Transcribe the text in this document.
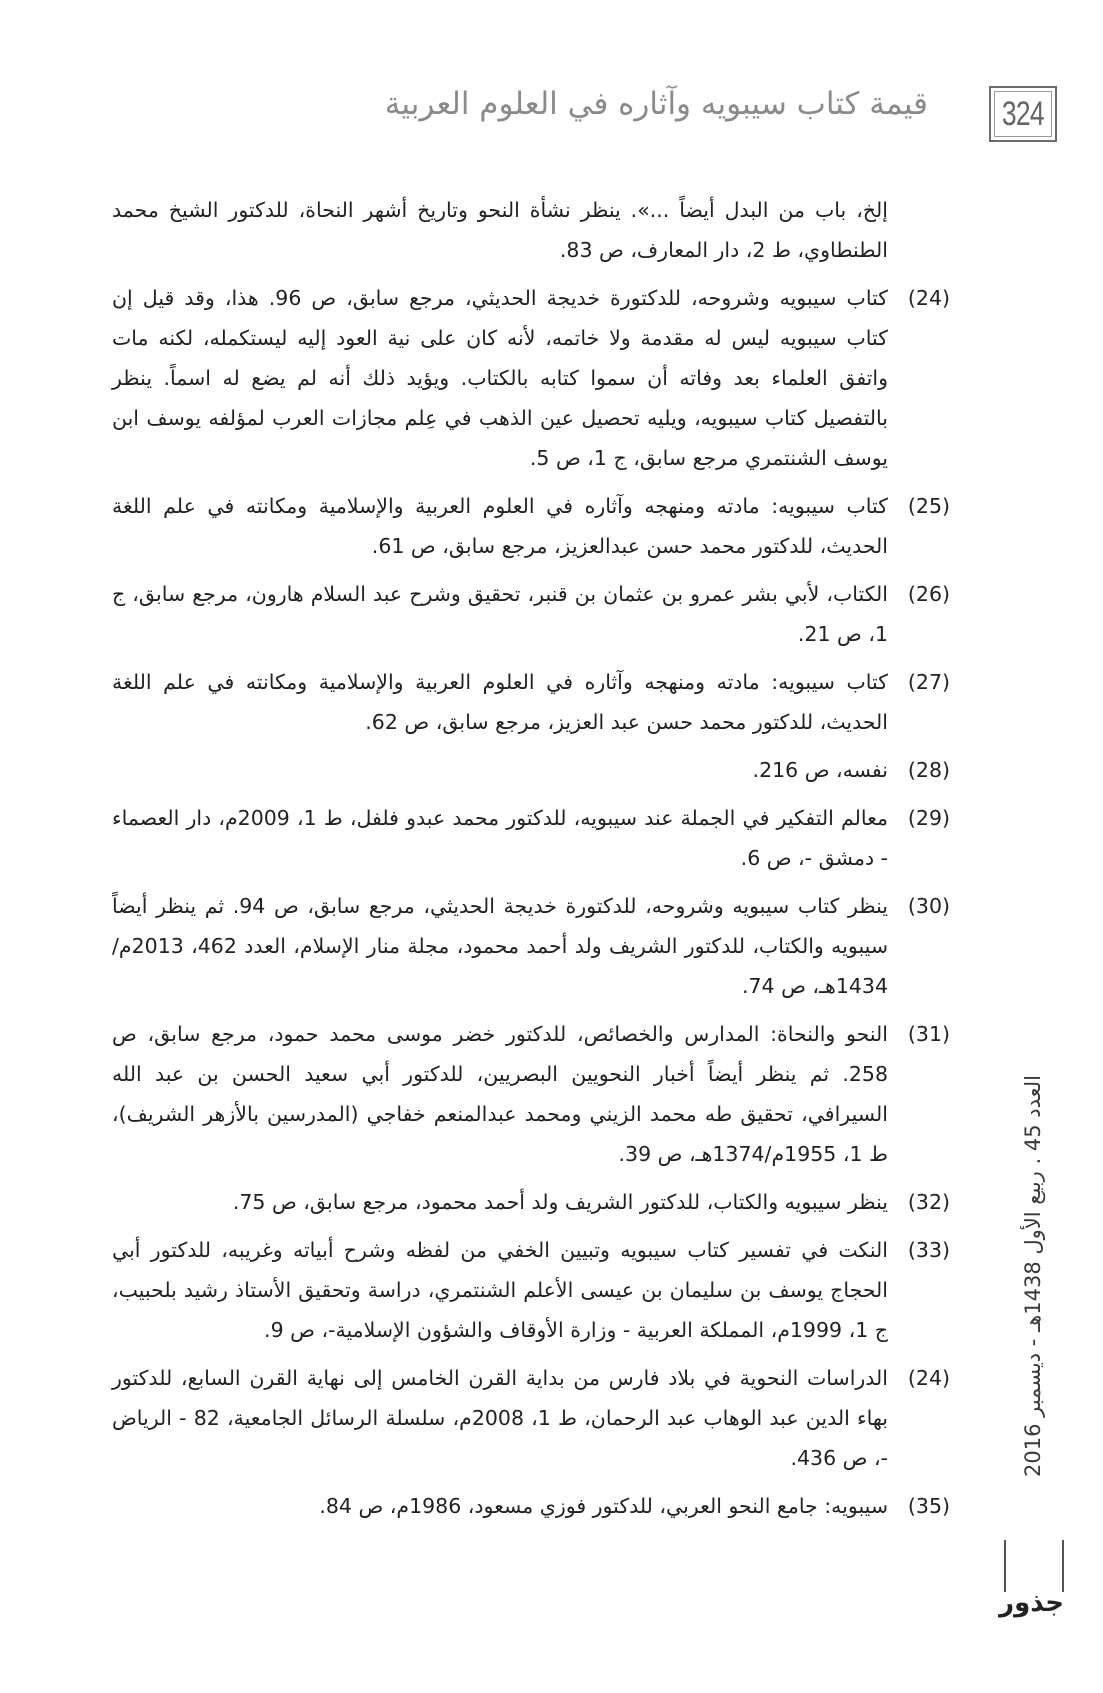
324
قيمة كتاب سيبويه وآثاره في العلوم العربية
إلخ، باب من البدل أيضاً ...». ينظر نشأة النحو وتاريخ أشهر النحاة، للدكتور الشيخ محمد الطنطاوي، ط 2، دار المعارف، ص 83.
(24)
كتاب سيبويه وشروحه، للدكتورة خديجة الحديثي، مرجع سابق، ص 96. هذا، وقد قيل إن كتاب سيبويه ليس له مقدمة ولا خاتمه، لأنه كان على نية العود إليه ليستكمله، لكنه مات واتفق العلماء بعد وفاته أن سموا كتابه بالكتاب. ويؤيد ذلك أنه لم يضع له اسماً. ينظر بالتفصيل كتاب سيبويه، ويليه تحصيل عين الذهب في عِلم مجازات العرب لمؤلفه يوسف ابن يوسف الشنتمري مرجع سابق، ج 1، ص 5.
(25)
كتاب سيبويه: مادته ومنهجه وآثاره في العلوم العربية والإسلامية ومكانته في علم اللغة الحديث، للدكتور محمد حسن عبدالعزيز، مرجع سابق، ص 61.
(26)
الكتاب، لأبي بشر عمرو بن عثمان بن قنبر، تحقيق وشرح عبد السلام هارون، مرجع سابق، ج 1، ص 21.
(27)
كتاب سيبويه: مادته ومنهجه وآثاره في العلوم العربية والإسلامية ومكانته في علم اللغة الحديث، للدكتور محمد حسن عبد العزيز، مرجع سابق، ص 62.
(28)
نفسه، ص 216.
(29)
معالم التفكير في الجملة عند سيبويه، للدكتور محمد عبدو فلفل، ط 1، 2009م، دار العصماء - دمشق -، ص 6.
(30)
ينظر كتاب سيبويه وشروحه، للدكتورة خديجة الحديثي، مرجع سابق، ص 94. ثم ينظر أيضاً سيبويه والكتاب، للدكتور الشريف ولد أحمد محمود، مجلة منار الإسلام، العدد 462، 2013م/ 1434هـ، ص 74.
(31)
النحو والنحاة: المدارس والخصائص، للدكتور خضر موسى محمد حمود، مرجع سابق، ص 258. ثم ينظر أيضاً أخبار النحويين البصريين، للدكتور أبي سعيد الحسن بن عبد الله السيرافي، تحقيق طه محمد الزيني ومحمد عبدالمنعم خفاجي (المدرسين بالأزهر الشريف)، ط 1، 1955م/1374هـ، ص 39.
(32)
ينظر سيبويه والكتاب، للدكتور الشريف ولد أحمد محمود، مرجع سابق، ص 75.
(33)
النكت في تفسير كتاب سيبويه وتبيين الخفي من لفظه وشرح أبياته وغريبه، للدكتور أبي الحجاج يوسف بن سليمان بن عيسى الأعلم الشنتمري، دراسة وتحقيق الأستاذ رشيد بلحبيب، ج 1، 1999م، المملكة العربية - وزارة الأوقاف والشؤون الإسلامية-، ص 9.
(24)
الدراسات النحوية في بلاد فارس من بداية القرن الخامس إلى نهاية القرن السابع، للدكتور بهاء الدين عبد الوهاب عبد الرحمان، ط 1، 2008م، سلسلة الرسائل الجامعية، 82 - الرياض -، ص 436.
(35)
سيبويه: جامع النحو العربي، للدكتور فوزي مسعود، 1986م، ص 84.
العدد 45 . ربيع الأول 1438هـ - ديسمبر 2016
جذور
